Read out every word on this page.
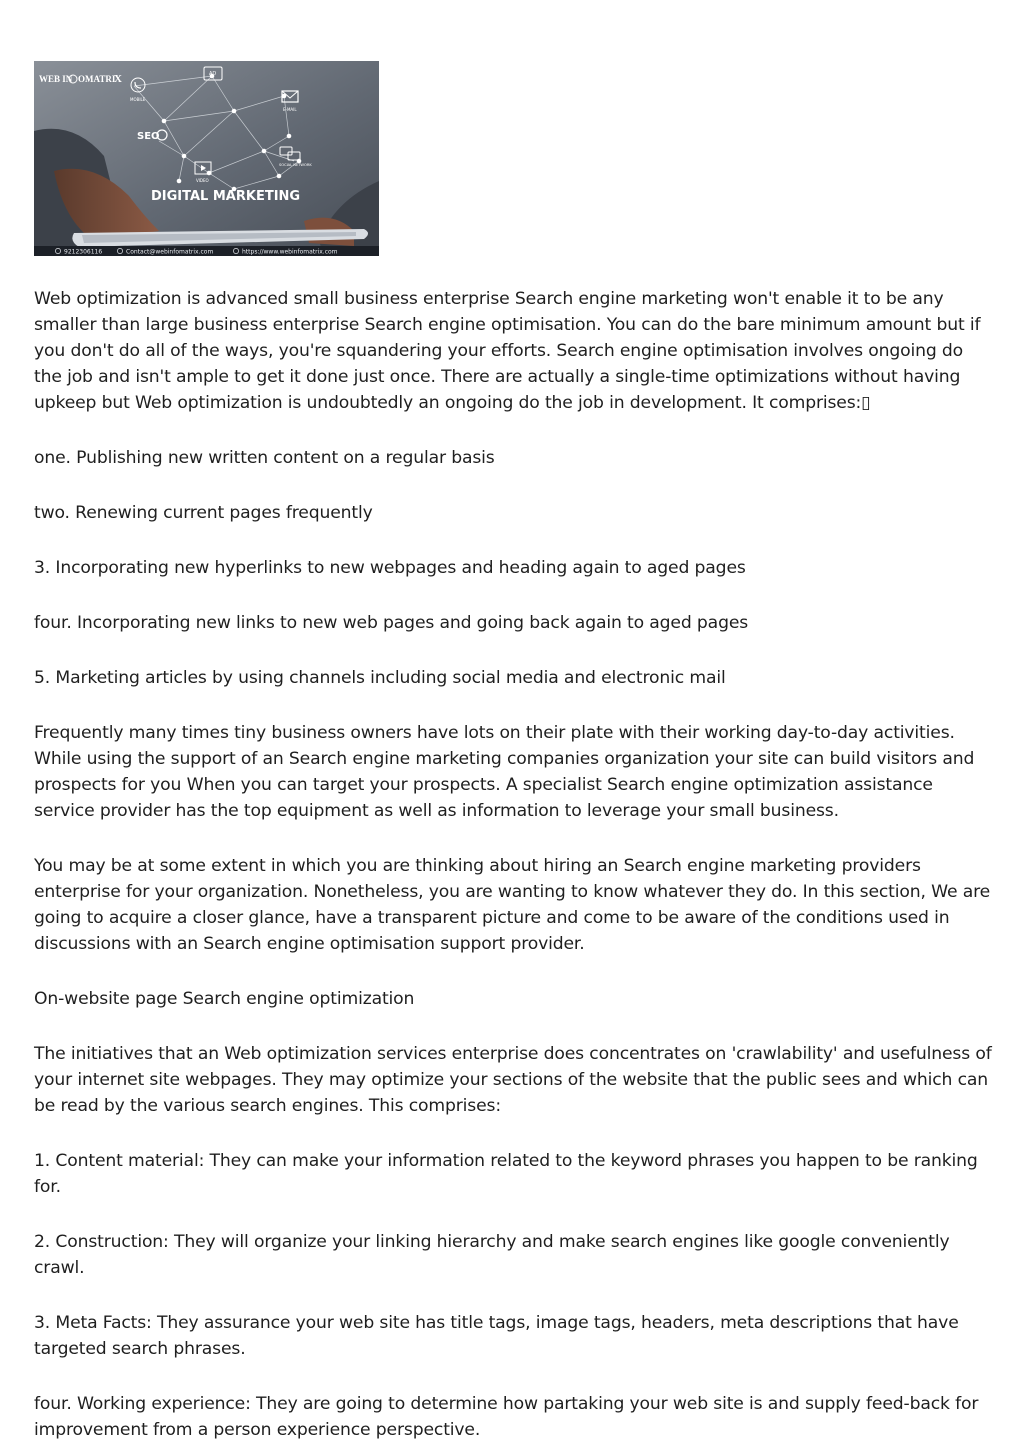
WEB IN OMATRI
X	AD
MOBILE
E-MAIL
SEO
VIDEO
SOCIAL NETWORK
DIGITAL MARKETING
9212306116	Contact@webinfomatrix.com	https://www.webinfomatrix.com

Web optimization is advanced small business enterprise Search engine marketing won't enable it to be any smaller than large business enterprise Search engine optimisation. You can do the bare minimum amount but if you don't do all of the ways, you're squandering your efforts. Search engine optimisation involves ongoing do the job and isn't ample to get it done just once. There are actually a single-time optimizations without having upkeep but Web optimization is undoubtedly an ongoing do the job in development. It comprises:▯

one. Publishing new written content on a regular basis

two. Renewing current pages frequently

3. Incorporating new hyperlinks to new webpages and heading again to aged pages

four. Incorporating new links to new web pages and going back again to aged pages

5. Marketing articles by using channels including social media and electronic mail

Frequently many times tiny business owners have lots on their plate with their working day-to-day activities. While using the support of an Search engine marketing companies organization your site can build visitors and prospects for you When you can target your prospects. A specialist Search engine optimization assistance service provider has the top equipment as well as information to leverage your small business.

You may be at some extent in which you are thinking about hiring an Search engine marketing providers enterprise for your organization. Nonetheless, you are wanting to know whatever they do. In this section, We are going to acquire a closer glance, have a transparent picture and come to be aware of the conditions used in discussions with an Search engine optimisation support provider.

On-website page Search engine optimization

The initiatives that an Web optimization services enterprise does concentrates on 'crawlability' and usefulness of your internet site webpages. They may optimize your sections of the website that the public sees and which can be read by the various search engines. This comprises:

1. Content material: They can make your information related to the keyword phrases you happen to be ranking for.

2. Construction: They will organize your linking hierarchy and make search engines like google conveniently crawl.

3. Meta Facts: They assurance your web site has title tags, image tags, headers, meta descriptions that have targeted search phrases.

four. Working experience: They are going to determine how partaking your web site is and supply feed-back for improvement from a person experience perspective.
